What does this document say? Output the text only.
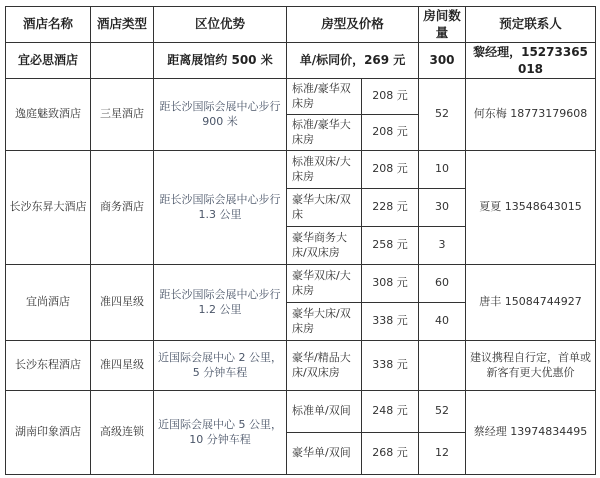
酒店名称	酒店类型	区位优势	房型及价格		房间数量	预定联系人
宜必思酒店		距离展馆约 500 米	单/标同价，269 元		300	黎经理，15273365018
逸庭魅致酒店	三星酒店	距长沙国际会展中心步行 900 米	标准/豪华双床房	208 元	52	何东梅 18773179608
			标准/豪华大床房	208 元		
长沙东昇大酒店	商务酒店	距长沙国际会展中心步行 1.3 公里	标准双床/大床房	208 元	10	夏夏 13548643015
			豪华大床/双床	228 元	30	
			豪华商务大床/双床房	258 元	3	
宜尚酒店	准四星级	距长沙国际会展中心步行 1.2 公里	豪华双床/大床房	308 元	60	唐丰 15084744927
			豪华大床/双床房	338 元	40	
长沙东程酒店	准四星级	近国际会展中心 2 公里，5 分钟车程	豪华/精品大床/双床房	338 元		建议携程自行定，首单或新客有更大优惠价
湖南印象酒店	高级连锁	近国际会展中心 5 公里，10 分钟车程	标准单/双间	248 元	52	蔡经理 13974834495
			豪华单/双间	268 元	12	
